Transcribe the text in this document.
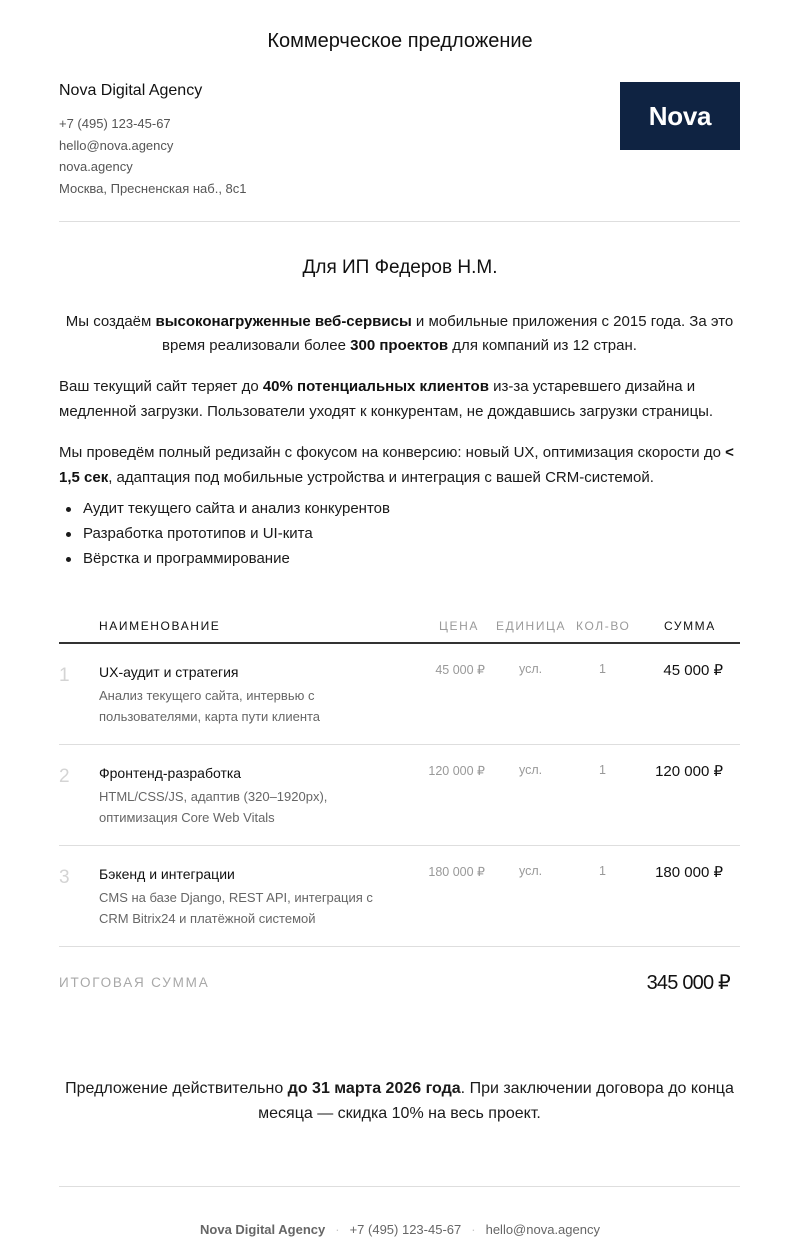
Коммерческое предложение
Nova Digital Agency
+7 (495) 123-45-67
hello@nova.agency
nova.agency
Москва, Пресненская наб., 8с1
Nova
Для ИП Федеров Н.М.
Мы создаём высоконагруженные веб-сервисы и мобильные приложения с 2015 года. За это время реализовали более 300 проектов для компаний из 12 стран.
Ваш текущий сайт теряет до 40% потенциальных клиентов из-за устаревшего дизайна и медленной загрузки. Пользователи уходят к конкурентам, не дождавшись загрузки страницы.
Мы проведём полный редизайн с фокусом на конверсию: новый UX, оптимизация скорости до < 1,5 сек, адаптация под мобильные устройства и интеграция с вашей CRM-системой.
Аудит текущего сайта и анализ конкурентов
Разработка прототипов и UI-кита
Вёрстка и программирование
НАИМЕНОВАНИЕ	ЦЕНА ЕДИНИЦА КОЛ-ВО	СУММА
1 UX-аудит и стратегия
Анализ текущего сайта, интервью с пользователями, карта пути клиента
45 000 ₽	усл.	1	45 000 ₽
2 Фронтенд-разработка
HTML/CSS/JS, адаптив (320–1920px), оптимизация Core Web Vitals
120 000 ₽	усл.	1	120 000 ₽
3 Бэкенд и интеграции
CMS на базе Django, REST API, интеграция с CRM Bitrix24 и платёжной системой
180 000 ₽	усл.	1	180 000 ₽
ИТОГОВАЯ СУММА	345 000 ₽
Предложение действительно до 31 марта 2026 года. При заключении договора до конца месяца — скидка 10% на весь проект.
Nova Digital Agency · +7 (495) 123-45-67 · hello@nova.agency
